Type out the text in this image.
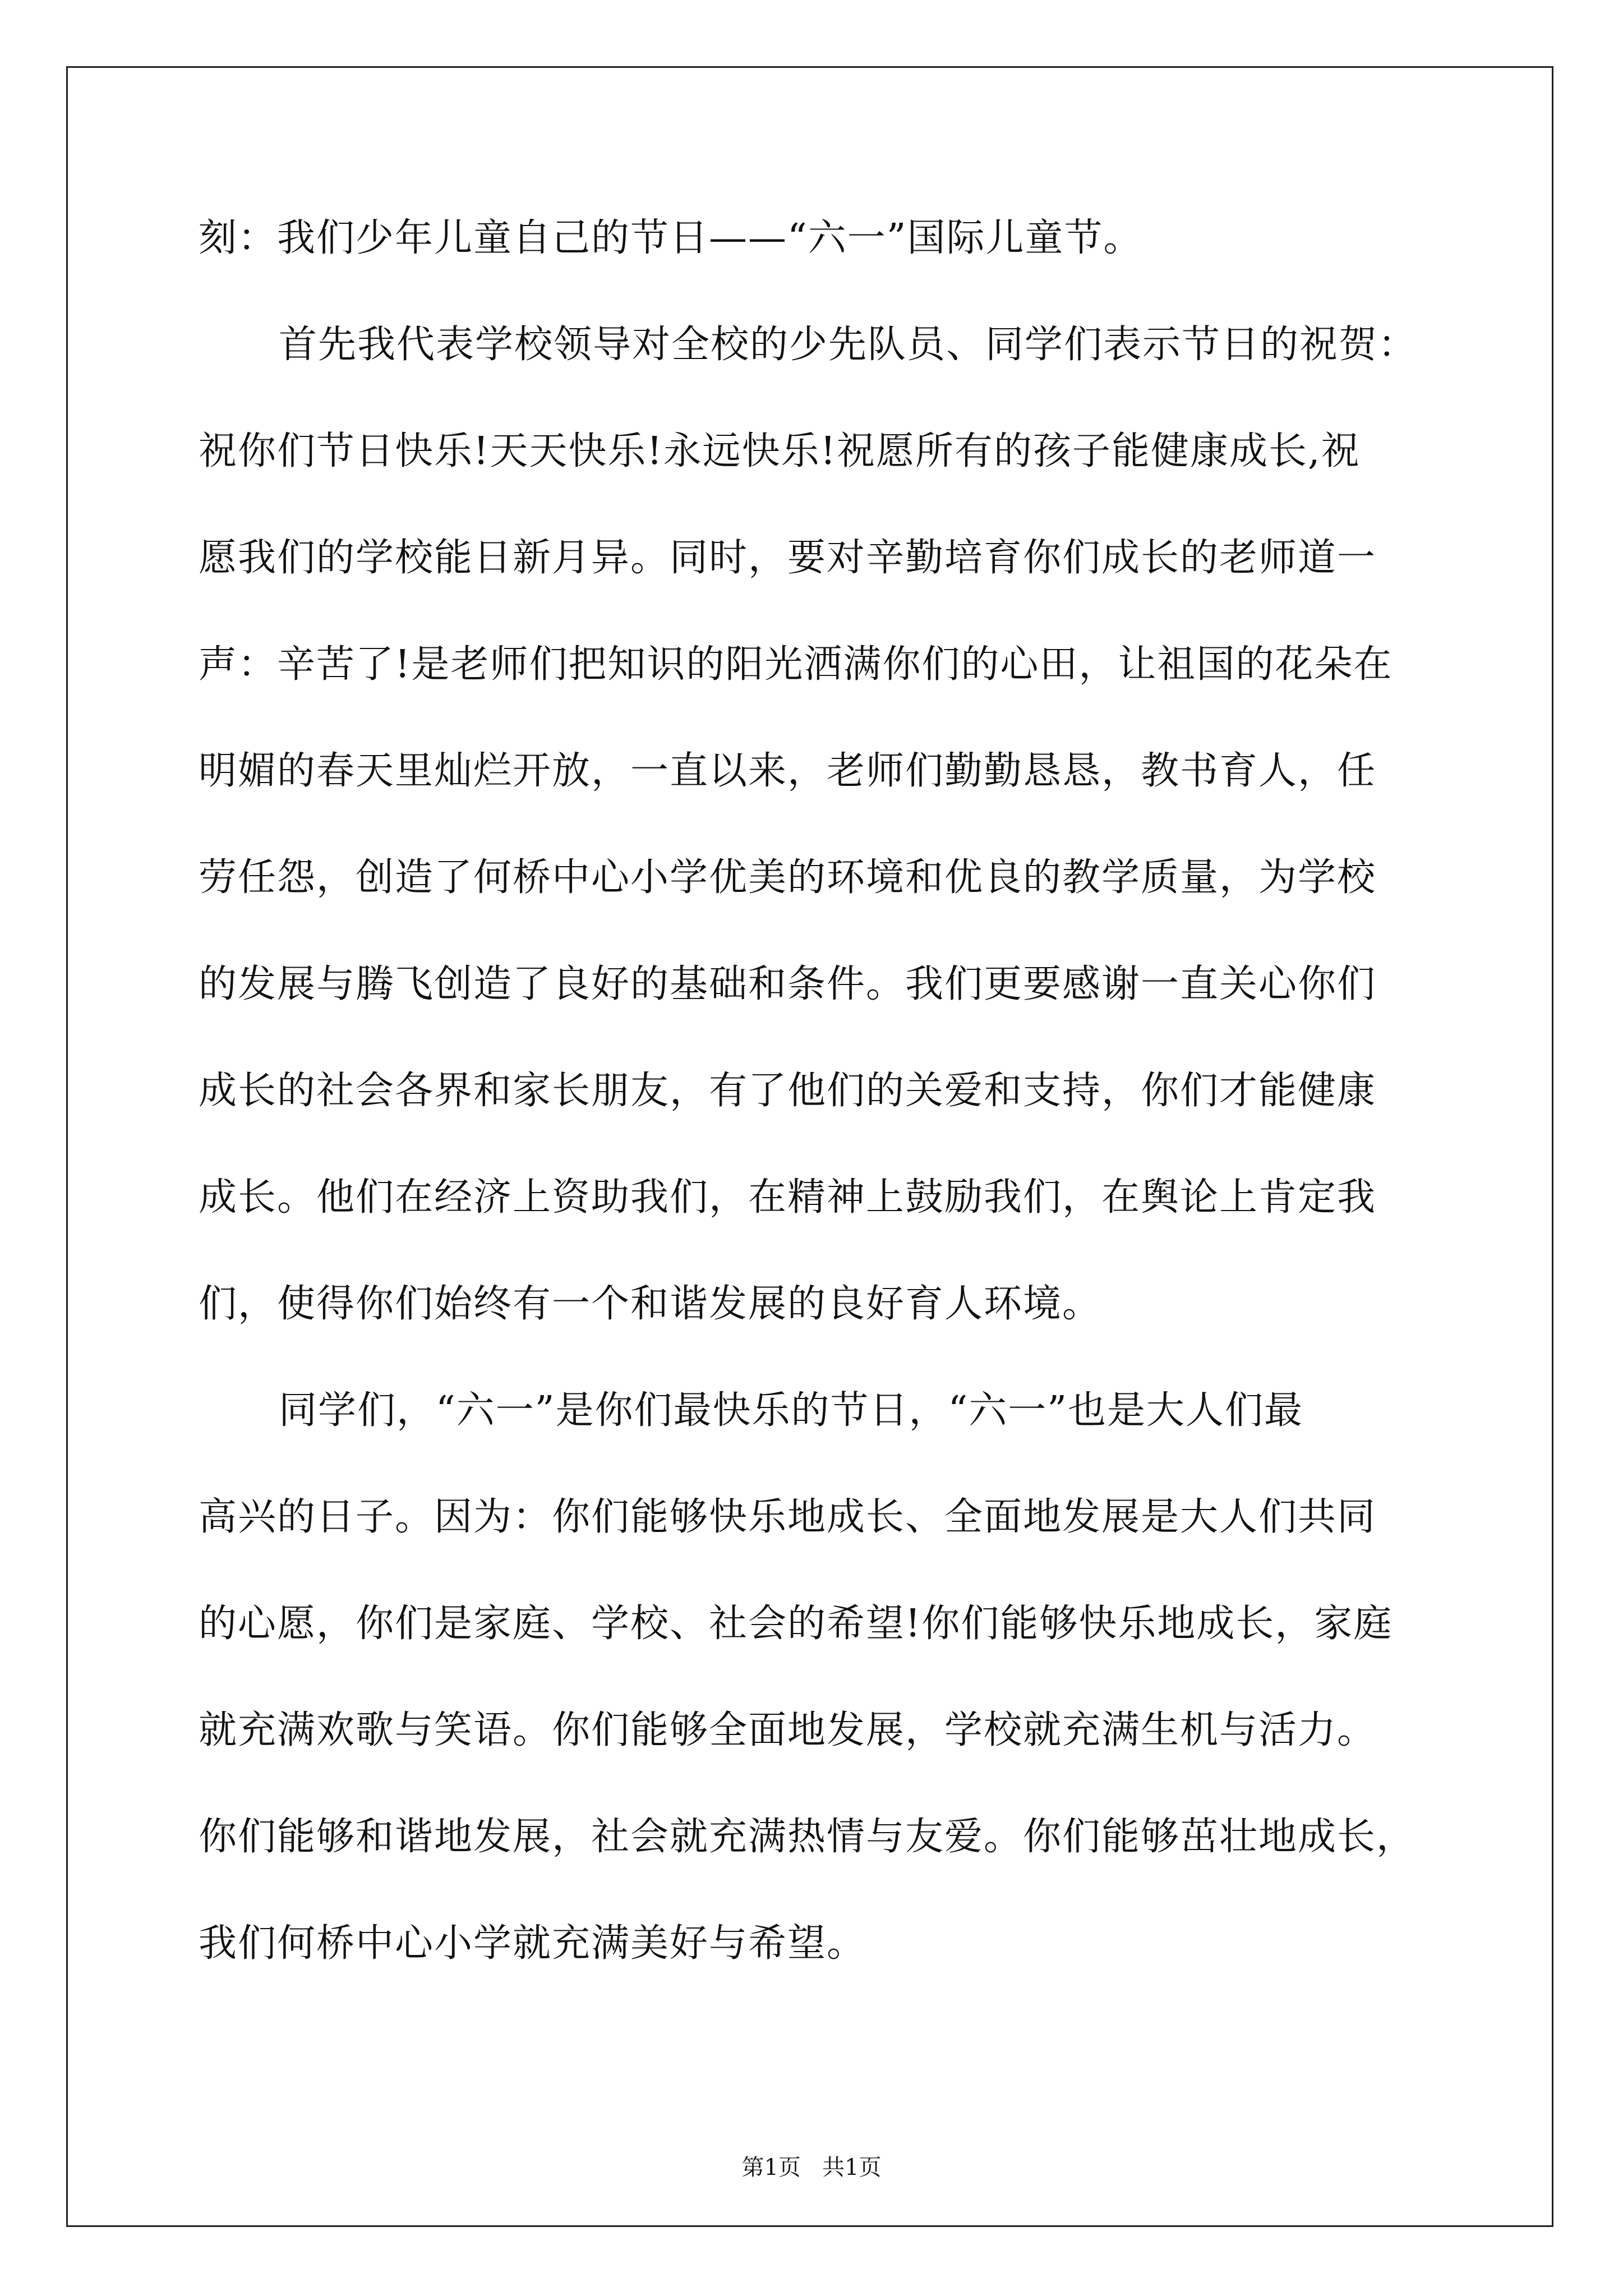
刻：我们少年儿童自己的节日——“六一”国际儿童节。
首先我代表学校领导对全校的少先队员、同学们表示节日的祝贺：
祝你们节日快乐!天天快乐!永远快乐!祝愿所有的孩子能健康成长,祝
愿我们的学校能日新月异。同时，要对辛勤培育你们成长的老师道一
声：辛苦了!是老师们把知识的阳光洒满你们的心田，让祖国的花朵在
明媚的春天里灿烂开放，一直以来，老师们勤勤恳恳，教书育人，任
劳任怨，创造了何桥中心小学优美的环境和优良的教学质量，为学校
的发展与腾飞创造了良好的基础和条件。我们更要感谢一直关心你们
成长的社会各界和家长朋友，有了他们的关爱和支持，你们才能健康
成长。他们在经济上资助我们，在精神上鼓励我们，在舆论上肯定我
们，使得你们始终有一个和谐发展的良好育人环境。
同学们，“六一”是你们最快乐的节日，“六一”也是大人们最
高兴的日子。因为：你们能够快乐地成长、全面地发展是大人们共同
的心愿，你们是家庭、学校、社会的希望!你们能够快乐地成长，家庭
就充满欢歌与笑语。你们能够全面地发展，学校就充满生机与活力。
你们能够和谐地发展，社会就充满热情与友爱。你们能够茁壮地成长，
我们何桥中心小学就充满美好与希望。
第1页   共1页
